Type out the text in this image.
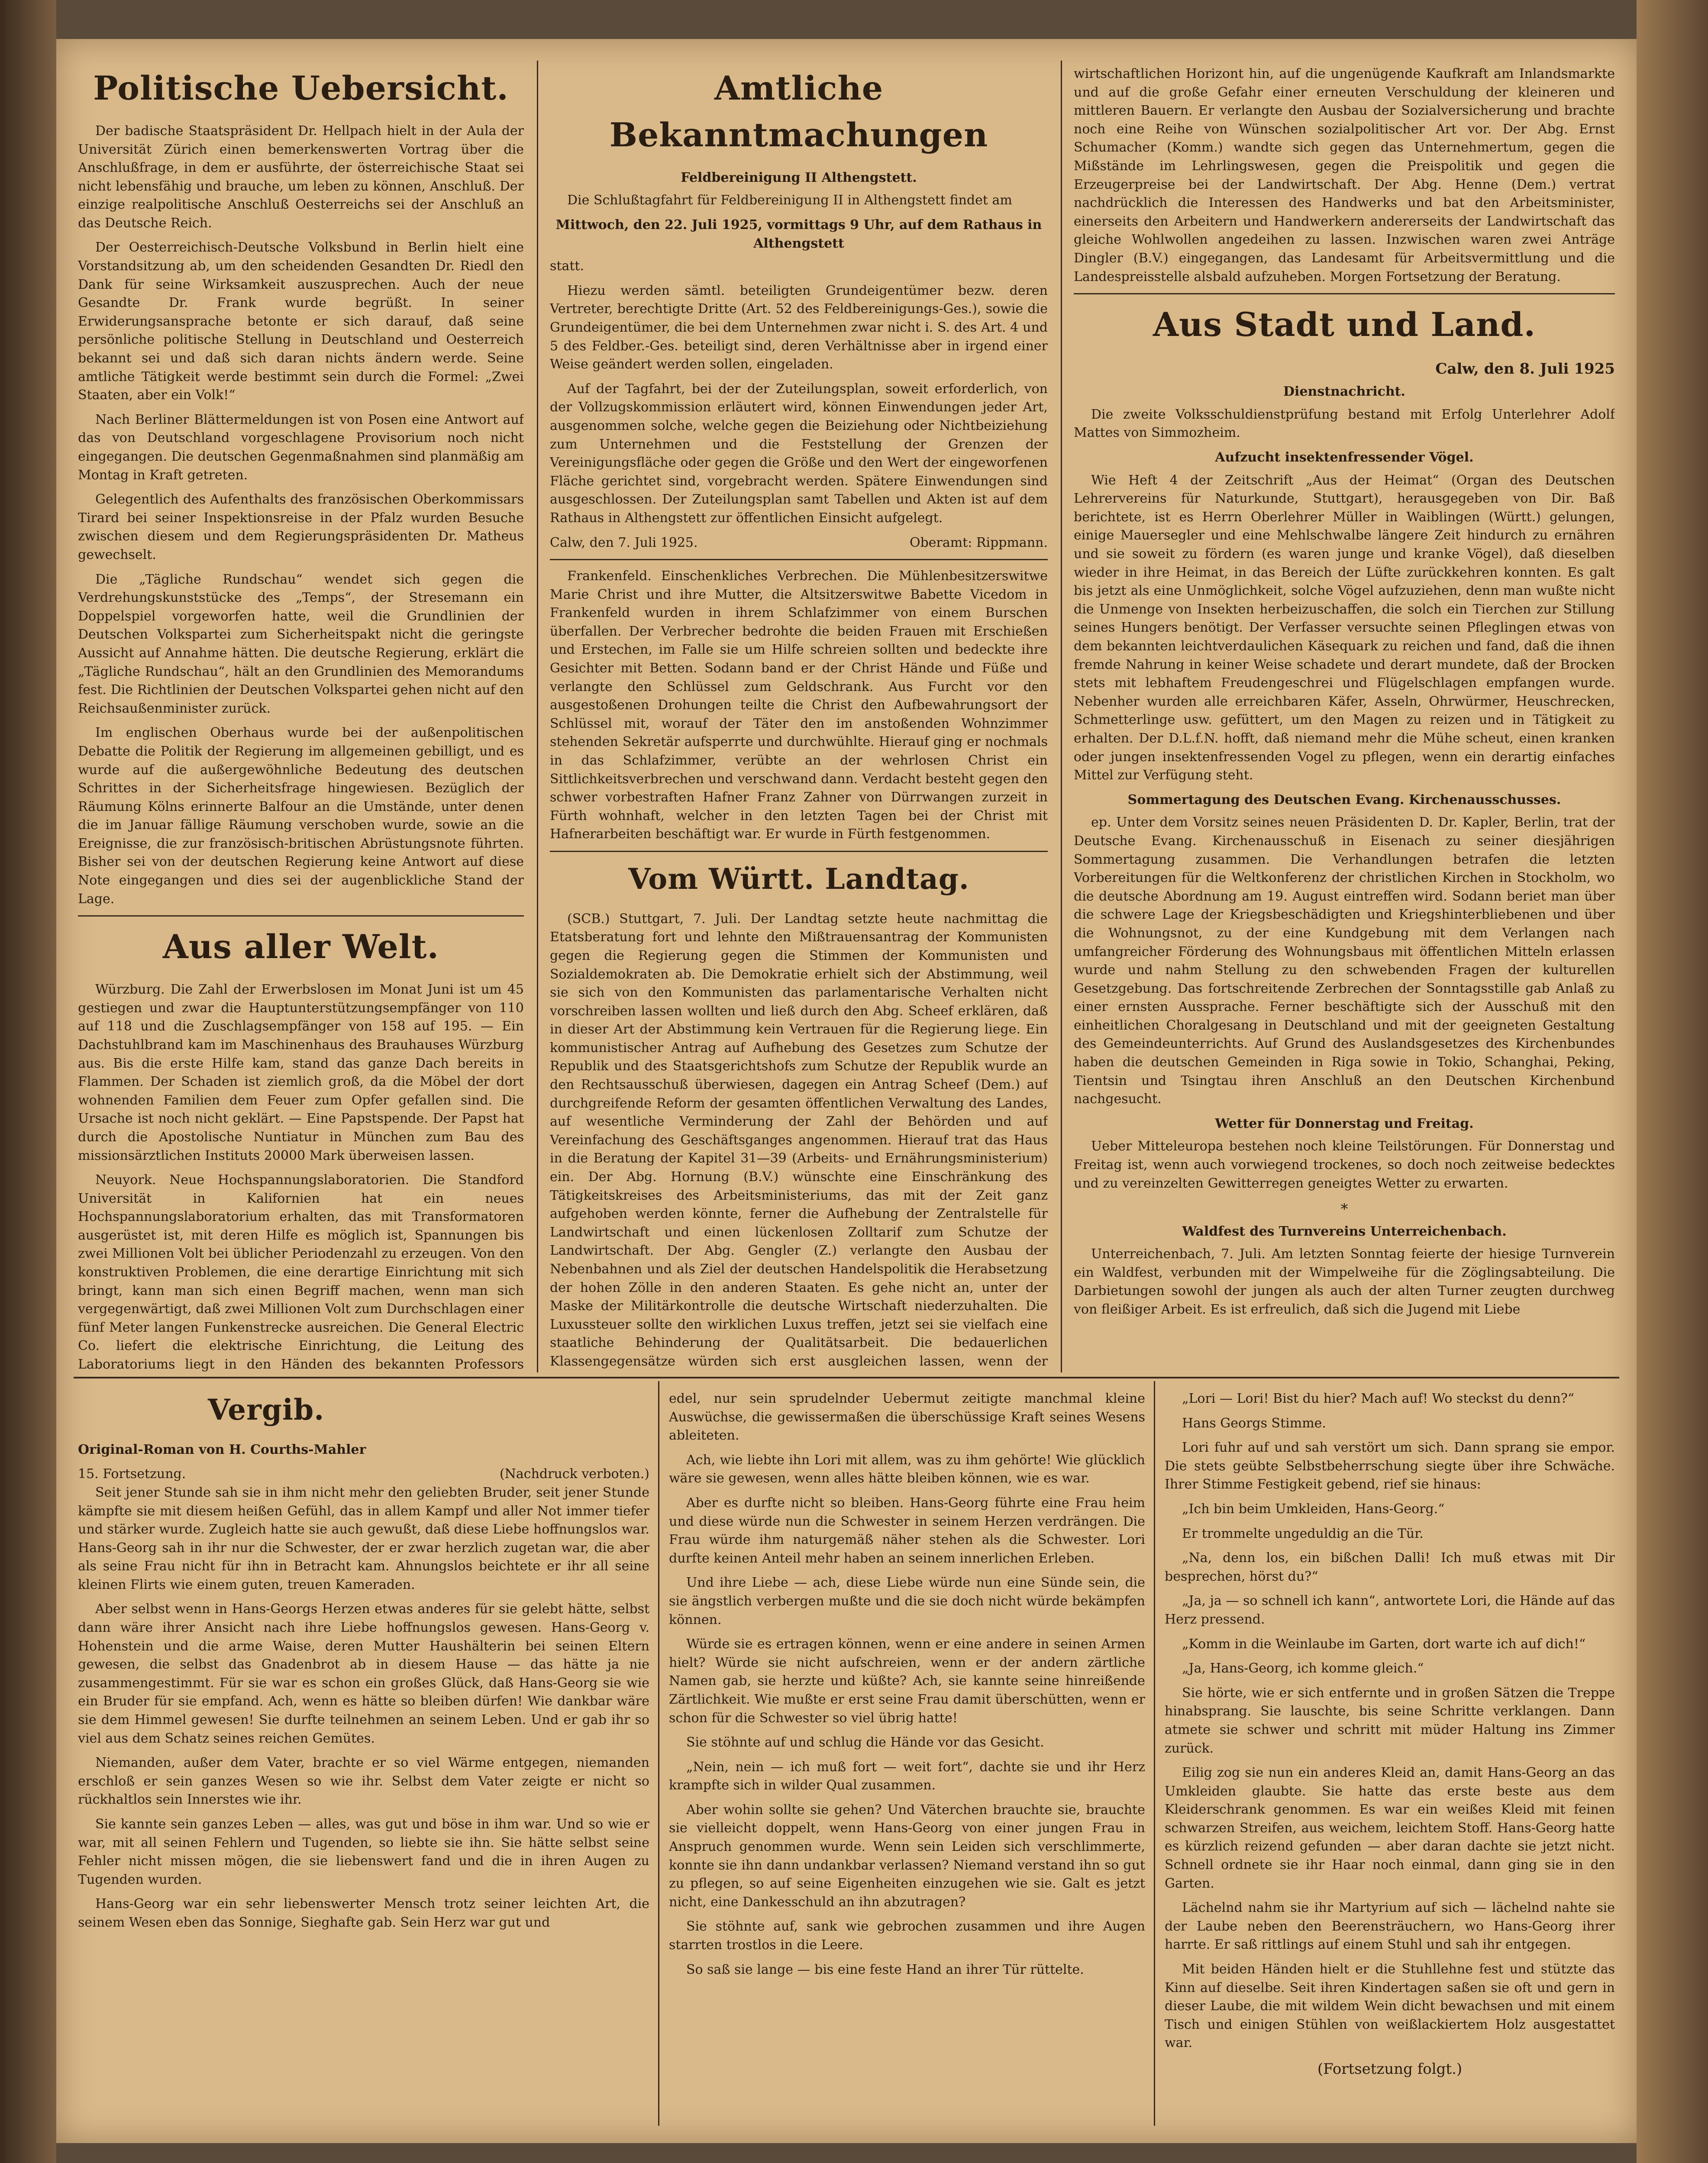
Politische Uebersicht.

Der badische Staatspräsident Dr. Hellpach hielt in der Aula der Universität Zürich einen bemerkenswerten Vortrag über die Anschlußfrage, in dem er ausführte, der österreichische Staat sei nicht lebensfähig und brauche, um leben zu können, Anschluß. Der einzige realpolitische Anschluß Oesterreichs sei der Anschluß an das Deutsche Reich.

Der Oesterreichisch-Deutsche Volksbund in Berlin hielt eine Vorstandsitzung ab, um den scheidenden Gesandten Dr. Riedl den Dank für seine Wirksamkeit auszusprechen. Auch der neue Gesandte Dr. Frank wurde begrüßt. In seiner Erwiderungsansprache betonte er sich darauf, daß seine persönliche politische Stellung in Deutschland und Oesterreich bekannt sei und daß sich daran nichts ändern werde. Seine amtliche Tätigkeit werde bestimmt sein durch die Formel: „Zwei Staaten, aber ein Volk!“

Nach Berliner Blättermeldungen ist von Posen eine Antwort auf das von Deutschland vorgeschlagene Provisorium noch nicht eingegangen. Die deutschen Gegenmaßnahmen sind planmäßig am Montag in Kraft getreten.

Gelegentlich des Aufenthalts des französischen Oberkommissars Tirard bei seiner Inspektionsreise in der Pfalz wurden Besuche zwischen diesem und dem Regierungspräsidenten Dr. Matheus gewechselt.

Die „Tägliche Rundschau“ wendet sich gegen die Verdrehungskunststücke des „Temps“, der Stresemann ein Doppelspiel vorgeworfen hatte, weil die Grundlinien der Deutschen Volkspartei zum Sicherheitspakt nicht die geringste Aussicht auf Annahme hätten. Die deutsche Regierung, erklärt die „Tägliche Rundschau“, hält an den Grundlinien des Memorandums fest. Die Richtlinien der Deutschen Volkspartei gehen nicht auf den Reichsaußenminister zurück.

Im englischen Oberhaus wurde bei der außenpolitischen Debatte die Politik der Regierung im allgemeinen gebilligt, und es wurde auf die außergewöhnliche Bedeutung des deutschen Schrittes in der Sicherheitsfrage hingewiesen. Bezüglich der Räumung Kölns erinnerte Balfour an die Umstände, unter denen die im Januar fällige Räumung verschoben wurde, sowie an die Ereignisse, die zur französisch-britischen Abrüstungsnote führten. Bisher sei von der deutschen Regierung keine Antwort auf diese Note eingegangen und dies sei der augenblickliche Stand der Lage.

Aus aller Welt.

Würzburg. Die Zahl der Erwerbslosen im Monat Juni ist um 45 gestiegen und zwar die Hauptunterstützungsempfänger von 110 auf 118 und die Zuschlagsempfänger von 158 auf 195. — Ein Dachstuhlbrand kam im Maschinenhaus des Brauhauses Würzburg aus. Bis die erste Hilfe kam, stand das ganze Dach bereits in Flammen. Der Schaden ist ziemlich groß, da die Möbel der dort wohnenden Familien dem Feuer zum Opfer gefallen sind. Die Ursache ist noch nicht geklärt. — Eine Papstspende. Der Papst hat durch die Apostolische Nuntiatur in München zum Bau des missionsärztlichen Instituts 20000 Mark überweisen lassen.

Neuyork. Neue Hochspannungslaboratorien. Die Standford Universität in Kalifornien hat ein neues Hochspannungslaboratorium erhalten, das mit Transformatoren ausgerüstet ist, mit deren Hilfe es möglich ist, Spannungen bis zwei Millionen Volt bei üblicher Periodenzahl zu erzeugen. Von den konstruktiven Problemen, die eine derartige Einrichtung mit sich bringt, kann man sich einen Begriff machen, wenn man sich vergegenwärtigt, daß zwei Millionen Volt zum Durchschlagen einer fünf Meter langen Funkenstrecke ausreichen. Die General Electric Co. liefert die elektrische Einrichtung, die Leitung des Laboratoriums liegt in den Händen des bekannten Professors

Amtliche Bekanntmachungen
Feldbereinigung II Althengstett.

Die Schlußtagfahrt für Feldbereinigung II in Althengstett findet am

Mittwoch, den 22. Juli 1925, vormittags 9 Uhr, auf dem Rathaus in Althengstett

statt.

Hiezu werden sämtl. beteiligten Grundeigentümer bezw. deren Vertreter, berechtigte Dritte (Art. 52 des Feldbereinigungs-Ges.), sowie die Grundeigentümer, die bei dem Unternehmen zwar nicht i. S. des Art. 4 und 5 des Feldber.-Ges. beteiligt sind, deren Verhältnisse aber in irgend einer Weise geändert werden sollen, eingeladen.

Auf der Tagfahrt, bei der der Zuteilungsplan, soweit erforderlich, von der Vollzugskommission erläutert wird, können Einwendungen jeder Art, ausgenommen solche, welche gegen die Beiziehung oder Nichtbeiziehung zum Unternehmen und die Feststellung der Grenzen der Vereinigungsfläche oder gegen die Größe und den Wert der eingeworfenen Fläche gerichtet sind, vorgebracht werden. Spätere Einwendungen sind ausgeschlossen. Der Zuteilungsplan samt Tabellen und Akten ist auf dem Rathaus in Althengstett zur öffentlichen Einsicht aufgelegt.

Calw, den 7. Juli 1925.	Oberamt: Rippmann.

Frankenfeld. Einschenkliches Verbrechen. Die Mühlenbesitzerswitwe Marie Christ und ihre Mutter, die Altsitzerswitwe Babette Vicedom in Frankenfeld wurden in ihrem Schlafzimmer von einem Burschen überfallen. Der Verbrecher bedrohte die beiden Frauen mit Erschießen und Erstechen, im Falle sie um Hilfe schreien sollten und bedeckte ihre Gesichter mit Betten. Sodann band er der Christ Hände und Füße und verlangte den Schlüssel zum Geldschrank. Aus Furcht vor den ausgestoßenen Drohungen teilte die Christ den Aufbewahrungsort der Schlüssel mit, worauf der Täter den im anstoßenden Wohnzimmer stehenden Sekretär aufsperrte und durchwühlte. Hierauf ging er nochmals in das Schlafzimmer, verübte an der wehrlosen Christ ein Sittlichkeitsverbrechen und verschwand dann. Verdacht besteht gegen den schwer vorbestraften Hafner Franz Zahner von Dürrwangen zurzeit in Fürth wohnhaft, welcher in den letzten Tagen bei der Christ mit Hafnerarbeiten beschäftigt war. Er wurde in Fürth festgenommen.

Vom Württ. Landtag.

(SCB.) Stuttgart, 7. Juli. Der Landtag setzte heute nachmittag die Etatsberatung fort und lehnte den Mißtrauensantrag der Kommunisten gegen die Regierung gegen die Stimmen der Kommunisten und Sozialdemokraten ab. Die Demokratie erhielt sich der Abstimmung, weil sie sich von den Kommunisten das parlamentarische Verhalten nicht vorschreiben lassen wollten und ließ durch den Abg. Scheef erklären, daß in dieser Art der Abstimmung kein Vertrauen für die Regierung liege. Ein kommunistischer Antrag auf Aufhebung des Gesetzes zum Schutze der Republik und des Staatsgerichtshofs zum Schutze der Republik wurde an den Rechtsausschuß überwiesen, dagegen ein Antrag Scheef (Dem.) auf durchgreifende Reform der gesamten öffentlichen Verwaltung des Landes, auf wesentliche Verminderung der Zahl der Behörden und auf Vereinfachung des Geschäftsganges angenommen. Hierauf trat das Haus in die Beratung der Kapitel 31—39 (Arbeits- und Ernährungsministerium) ein. Der Abg. Hornung (B.V.) wünschte eine Einschränkung des Tätigkeitskreises des Arbeitsministeriums, das mit der Zeit ganz aufgehoben werden könnte, ferner die Aufhebung der Zentralstelle für Landwirtschaft und einen lückenlosen Zolltarif zum Schutze der Landwirtschaft. Der Abg. Gengler (Z.) verlangte den Ausbau der Nebenbahnen und als Ziel der deutschen Handelspolitik die Herabsetzung der hohen Zölle in den anderen Staaten. Es gehe nicht an, unter der Maske der Militärkontrolle die deutsche Wirtschaft niederzuhalten. Die Luxussteuer sollte den wirklichen Luxus treffen, jetzt sei sie vielfach eine staatliche Behinderung der Qualitätsarbeit. Die bedauerlichen Klassengegensätze würden sich erst ausgleichen lassen, wenn der

wirtschaftlichen Horizont hin, auf die ungenügende Kaufkraft am Inlandsmarkte und auf die große Gefahr einer erneuten Verschuldung der kleineren und mittleren Bauern. Er verlangte den Ausbau der Sozialversicherung und brachte noch eine Reihe von Wünschen sozialpolitischer Art vor. Der Abg. Ernst Schumacher (Komm.) wandte sich gegen das Unternehmertum, gegen die Mißstände im Lehrlingswesen, gegen die Preispolitik und gegen die Erzeugerpreise bei der Landwirtschaft. Der Abg. Henne (Dem.) vertrat nachdrücklich die Interessen des Handwerks und bat den Arbeitsminister, einerseits den Arbeitern und Handwerkern andererseits der Landwirtschaft das gleiche Wohlwollen angedeihen zu lassen. Inzwischen waren zwei Anträge Dingler (B.V.) eingegangen, das Landesamt für Arbeitsvermittlung und die Landespreisstelle alsbald aufzuheben. Morgen Fortsetzung der Beratung.

Aus Stadt und Land.
Calw, den 8. Juli 1925
Dienstnachricht.

Die zweite Volksschuldienstprüfung bestand mit Erfolg Unterlehrer Adolf Mattes von Simmozheim.

Aufzucht insektenfressender Vögel.

Wie Heft 4 der Zeitschrift „Aus der Heimat“ (Organ des Deutschen Lehrervereins für Naturkunde, Stuttgart), herausgegeben von Dir. Baß berichtete, ist es Herrn Oberlehrer Müller in Waiblingen (Württ.) gelungen, einige Mauersegler und eine Mehlschwalbe längere Zeit hindurch zu ernähren und sie soweit zu fördern (es waren junge und kranke Vögel), daß dieselben wieder in ihre Heimat, in das Bereich der Lüfte zurückkehren konnten. Es galt bis jetzt als eine Unmöglichkeit, solche Vögel aufzuziehen, denn man wußte nicht die Unmenge von Insekten herbeizuschaffen, die solch ein Tierchen zur Stillung seines Hungers benötigt. Der Verfasser versuchte seinen Pfleglingen etwas von dem bekannten leichtverdaulichen Käsequark zu reichen und fand, daß die ihnen fremde Nahrung in keiner Weise schadete und derart mundete, daß der Brocken stets mit lebhaftem Freudengeschrei und Flügelschlagen empfangen wurde. Nebenher wurden alle erreichbaren Käfer, Asseln, Ohrwürmer, Heuschrecken, Schmetterlinge usw. gefüttert, um den Magen zu reizen und in Tätigkeit zu erhalten. Der D.L.f.N. hofft, daß niemand mehr die Mühe scheut, einen kranken oder jungen insektenfressenden Vogel zu pflegen, wenn ein derartig einfaches Mittel zur Verfügung steht.

Sommertagung des Deutschen Evang. Kirchenausschusses.

ep. Unter dem Vorsitz seines neuen Präsidenten D. Dr. Kapler, Berlin, trat der Deutsche Evang. Kirchenausschuß in Eisenach zu seiner diesjährigen Sommertagung zusammen. Die Verhandlungen betrafen die letzten Vorbereitungen für die Weltkonferenz der christlichen Kirchen in Stockholm, wo die deutsche Abordnung am 19. August eintreffen wird. Sodann beriet man über die schwere Lage der Kriegsbeschädigten und Kriegshinterbliebenen und über die Wohnungsnot, zu der eine Kundgebung mit dem Verlangen nach umfangreicher Förderung des Wohnungsbaus mit öffentlichen Mitteln erlassen wurde und nahm Stellung zu den schwebenden Fragen der kulturellen Gesetzgebung. Das fortschreitende Zerbrechen der Sonntagsstille gab Anlaß zu einer ernsten Aussprache. Ferner beschäftigte sich der Ausschuß mit den einheitlichen Choralgesang in Deutschland und mit der geeigneten Gestaltung des Gemeindeunterrichts. Auf Grund des Auslandsgesetzes des Kirchenbundes haben die deutschen Gemeinden in Riga sowie in Tokio, Schanghai, Peking, Tientsin und Tsingtau ihren Anschluß an den Deutschen Kirchenbund nachgesucht.

Wetter für Donnerstag und Freitag.

Ueber Mitteleuropa bestehen noch kleine Teilstörungen. Für Donnerstag und Freitag ist, wenn auch vorwiegend trockenes, so doch noch zeitweise bedecktes und zu vereinzelten Gewitterregen geneigtes Wetter zu erwarten.

*
Waldfest des Turnvereins Unterreichenbach.

Unterreichenbach, 7. Juli. Am letzten Sonntag feierte der hiesige Turnverein ein Waldfest, verbunden mit der Wimpelweihe für die Zöglingsabteilung. Die Darbietungen sowohl der jungen als auch der alten Turner zeugten durchweg von fleißiger Arbeit. Es ist erfreulich, daß sich die Jugend mit Liebe

Vergib.

Original-Roman von H. Courths-Mahler

15. Fortsetzung.	(Nachdruck verboten.)

Seit jener Stunde sah sie in ihm nicht mehr den geliebten Bruder, seit jener Stunde kämpfte sie mit diesem heißen Gefühl, das in allem Kampf und aller Not immer tiefer und stärker wurde. Zugleich hatte sie auch gewußt, daß diese Liebe hoffnungslos war. Hans-Georg sah in ihr nur die Schwester, der er zwar herzlich zugetan war, die aber als seine Frau nicht für ihn in Betracht kam. Ahnungslos beichtete er ihr all seine kleinen Flirts wie einem guten, treuen Kameraden.

Aber selbst wenn in Hans-Georgs Herzen etwas anderes für sie gelebt hätte, selbst dann wäre ihrer Ansicht nach ihre Liebe hoffnungslos gewesen. Hans-Georg v. Hohenstein und die arme Waise, deren Mutter Haushälterin bei seinen Eltern gewesen, die selbst das Gnadenbrot ab in diesem Hause — das hätte ja nie zusammengestimmt. Für sie war es schon ein großes Glück, daß Hans-Georg sie wie ein Bruder für sie empfand. Ach, wenn es hätte so bleiben dürfen! Wie dankbar wäre sie dem Himmel gewesen! Sie durfte teilnehmen an seinem Leben. Und er gab ihr so viel aus dem Schatz seines reichen Gemütes.

Niemanden, außer dem Vater, brachte er so viel Wärme entgegen, niemanden erschloß er sein ganzes Wesen so wie ihr. Selbst dem Vater zeigte er nicht so rückhaltlos sein Innerstes wie ihr.

Sie kannte sein ganzes Leben — alles, was gut und böse in ihm war. Und so wie er war, mit all seinen Fehlern und Tugenden, so liebte sie ihn. Sie hätte selbst seine Fehler nicht missen mögen, die sie liebenswert fand und die in ihren Augen zu Tugenden wurden.

Hans-Georg war ein sehr liebenswerter Mensch trotz seiner leichten Art, die seinem Wesen eben das Sonnige, Sieghafte gab. Sein Herz war gut und

edel, nur sein sprudelnder Uebermut zeitigte manchmal kleine Auswüchse, die gewissermaßen die überschüssige Kraft seines Wesens ableiteten.

Ach, wie liebte ihn Lori mit allem, was zu ihm gehörte! Wie glücklich wäre sie gewesen, wenn alles hätte bleiben können, wie es war.

Aber es durfte nicht so bleiben. Hans-Georg führte eine Frau heim und diese würde nun die Schwester in seinem Herzen verdrängen. Die Frau würde ihm naturgemäß näher stehen als die Schwester. Lori durfte keinen Anteil mehr haben an seinem innerlichen Erleben.

Und ihre Liebe — ach, diese Liebe würde nun eine Sünde sein, die sie ängstlich verbergen mußte und die sie doch nicht würde bekämpfen können.

Würde sie es ertragen können, wenn er eine andere in seinen Armen hielt? Würde sie nicht aufschreien, wenn er der andern zärtliche Namen gab, sie herzte und küßte? Ach, sie kannte seine hinreißende Zärtlichkeit. Wie mußte er erst seine Frau damit überschütten, wenn er schon für die Schwester so viel übrig hatte!

Sie stöhnte auf und schlug die Hände vor das Gesicht.

„Nein, nein — ich muß fort — weit fort“, dachte sie und ihr Herz krampfte sich in wilder Qual zusammen.

Aber wohin sollte sie gehen? Und Väterchen brauchte sie, brauchte sie vielleicht doppelt, wenn Hans-Georg von einer jungen Frau in Anspruch genommen wurde. Wenn sein Leiden sich verschlimmerte, konnte sie ihn dann undankbar verlassen? Niemand verstand ihn so gut zu pflegen, so auf seine Eigenheiten einzugehen wie sie. Galt es jetzt nicht, eine Dankesschuld an ihn abzutragen?

Sie stöhnte auf, sank wie gebrochen zusammen und ihre Augen starrten trostlos in die Leere.

So saß sie lange — bis eine feste Hand an ihrer Tür rüttelte.

„Lori — Lori! Bist du hier? Mach auf! Wo steckst du denn?“

Hans Georgs Stimme.

Lori fuhr auf und sah verstört um sich. Dann sprang sie empor. Die stets geübte Selbstbeherrschung siegte über ihre Schwäche. Ihrer Stimme Festigkeit gebend, rief sie hinaus:

„Ich bin beim Umkleiden, Hans-Georg.“

Er trommelte ungeduldig an die Tür.

„Na, denn los, ein bißchen Dalli! Ich muß etwas mit Dir besprechen, hörst du?“

„Ja, ja — so schnell ich kann“, antwortete Lori, die Hände auf das Herz pressend.

„Komm in die Weinlaube im Garten, dort warte ich auf dich!“

„Ja, Hans-Georg, ich komme gleich.“

Sie hörte, wie er sich entfernte und in großen Sätzen die Treppe hinabsprang. Sie lauschte, bis seine Schritte verklangen. Dann atmete sie schwer und schritt mit müder Haltung ins Zimmer zurück.

Eilig zog sie nun ein anderes Kleid an, damit Hans-Georg an das Umkleiden glaubte. Sie hatte das erste beste aus dem Kleiderschrank genommen. Es war ein weißes Kleid mit feinen schwarzen Streifen, aus weichem, leichtem Stoff. Hans-Georg hatte es kürzlich reizend gefunden — aber daran dachte sie jetzt nicht. Schnell ordnete sie ihr Haar noch einmal, dann ging sie in den Garten.

Lächelnd nahm sie ihr Martyrium auf sich — lächelnd nahte sie der Laube neben den Beerensträuchern, wo Hans-Georg ihrer harrte. Er saß rittlings auf einem Stuhl und sah ihr entgegen.

Mit beiden Händen hielt er die Stuhllehne fest und stützte das Kinn auf dieselbe. Seit ihren Kindertagen saßen sie oft und gern in dieser Laube, die mit wildem Wein dicht bewachsen und mit einem Tisch und einigen Stühlen von weißlackiertem Holz ausgestattet war.

(Fortsetzung folgt.)
